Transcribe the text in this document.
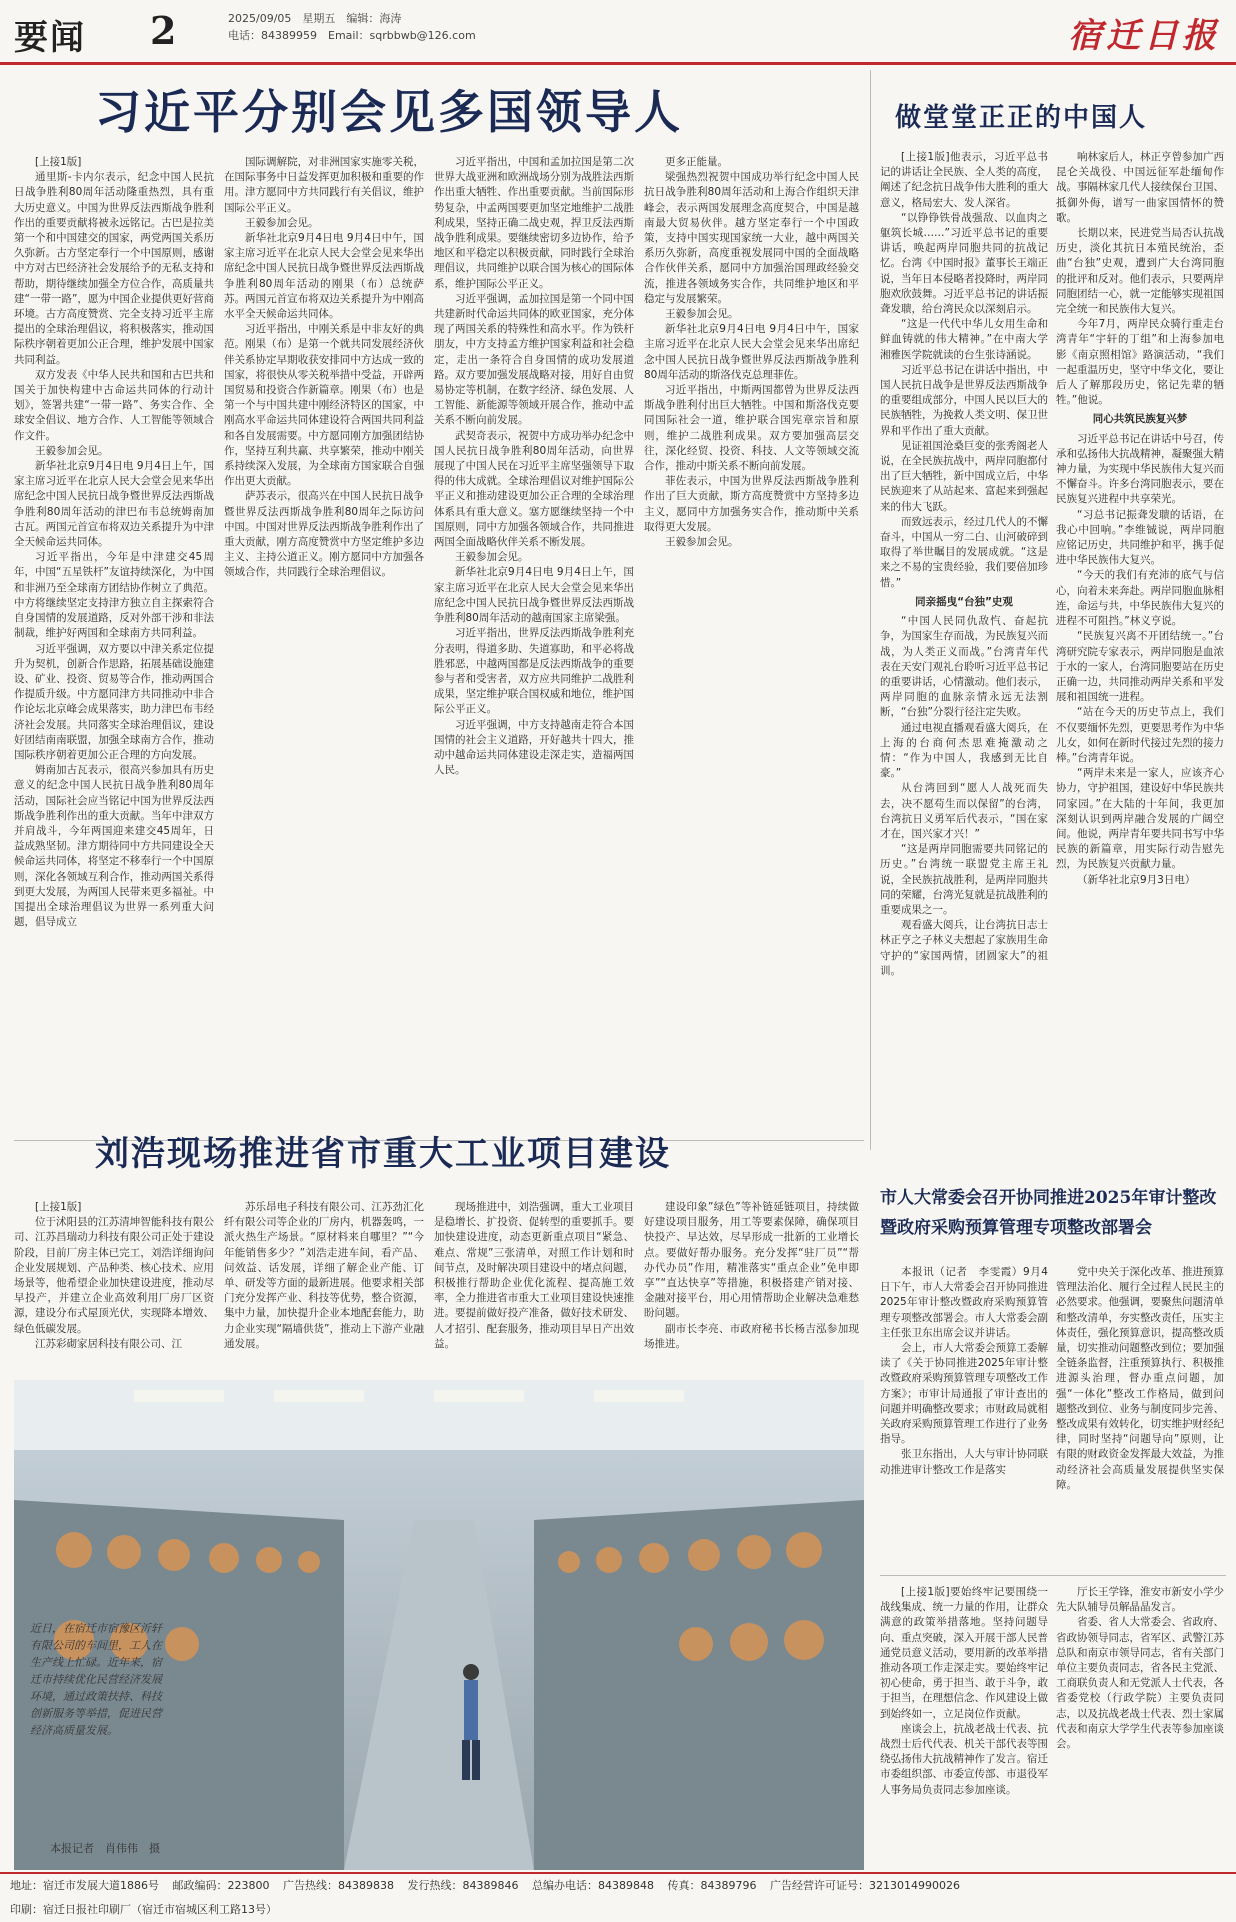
要闻 2	2025/09/05　星期五　编辑：海涛
电话：84389959　Email：sqrbbwb@126.com	宿迁日报
习近平分别会见多国领导人	做堂堂正正的中国人

[上接1版]

通里斯-卡内尔表示，纪念中国人民抗日战争胜利80周年活动隆重热烈，具有重大历史意义。中国为世界反法西斯战争胜利作出的重要贡献将被永远铭记。古巴是拉美第一个和中国建交的国家，两党两国关系历久弥新。古方坚定奉行一个中国原则，感谢中方对古巴经济社会发展给予的无私支持和帮助，期待继续加强全方位合作，高质量共建“一带一路”，愿为中国企业提供更好营商环境。古方高度赞赏、完全支持习近平主席提出的全球治理倡议，将积极落实，推动国际秩序朝着更加公正合理，维护发展中国家共同利益。

双方发表《中华人民共和国和古巴共和国关于加快构建中古命运共同体的行动计划》，签署共建“一带一路”、务实合作、全球安全倡议、地方合作、人工智能等领域合作文件。

王毅参加会见。

新华社北京9月4日电 9月4日上午，国家主席习近平在北京人民大会堂会见来华出席纪念中国人民抗日战争暨世界反法西斯战争胜利80周年活动的津巴布韦总统姆南加古瓦。两国元首宣布将双边关系提升为中津全天候命运共同体。

习近平指出，今年是中津建交45周年，中国“五星铁杆”友谊持续深化，为中国和非洲乃至全球南方团结协作树立了典范。中方将继续坚定支持津方独立自主探索符合自身国情的发展道路，反对外部干涉和非法制裁，维护好两国和全球南方共同利益。

习近平强调，双方要以中津关系定位提升为契机，创新合作思路，拓展基础设施建设、矿业、投资、贸易等合作，推动两国合作提质升级。中方愿同津方共同推动中非合作论坛北京峰会成果落实，助力津巴布韦经济社会发展。共同落实全球治理倡议，建设好团结南南联盟，加强全球南方合作，推动国际秩序朝着更加公正合理的方向发展。

姆南加古瓦表示，很高兴参加具有历史意义的纪念中国人民抗日战争胜利80周年活动，国际社会应当铭记中国为世界反法西斯战争胜利作出的重大贡献。当年中津双方并肩战斗，今年两国迎来建交45周年，日益成熟坚韧。津方期待同中方共同建设全天候命运共同体，将坚定不移奉行一个中国原则，深化各领域互利合作，推动两国关系得到更大发展，为两国人民带来更多福祉。中国提出全球治理倡议为世界一系列重大问题，倡导成立

国际调解院，对非洲国家实施零关税，在国际事务中日益发挥更加积极和重要的作用。津方愿同中方共同践行有关倡议，维护国际公平正义。

王毅参加会见。

新华社北京9月4日电 9月4日中午，国家主席习近平在北京人民大会堂会见来华出席纪念中国人民抗日战争暨世界反法西斯战争胜利80周年活动的刚果（布）总统萨苏。两国元首宣布将双边关系提升为中刚高水平全天候命运共同体。

习近平指出，中刚关系是中非友好的典范。刚果（布）是第一个就共同发展经济伙伴关系协定早期收获安排同中方达成一致的国家，将很快从零关税举措中受益，开辟两国贸易和投资合作新篇章。刚果（布）也是第一个与中国共建中刚经济特区的国家，中刚高水平命运共同体建设符合两国共同利益和各自发展需要。中方愿同刚方加强团结协作，坚持互利共赢、共享繁荣，推动中刚关系持续深入发展，为全球南方国家联合自强作出更大贡献。

萨苏表示，很高兴在中国人民抗日战争暨世界反法西斯战争胜利80周年之际访问中国。中国对世界反法西斯战争胜利作出了重大贡献，刚方高度赞赏中方坚定维护多边主义、主持公道正义。刚方愿同中方加强各领域合作，共同践行全球治理倡议。

习近平指出，中国和孟加拉国是第二次世界大战亚洲和欧洲战场分别为战胜法西斯作出重大牺牲、作出重要贡献。当前国际形势复杂，中孟两国要更加坚定地维护二战胜利成果，坚持正确二战史观，捍卫反法西斯战争胜利成果。要继续密切多边协作，给予地区和平稳定以积极贡献，同时践行全球治理倡议，共同维护以联合国为核心的国际体系，维护国际公平正义。

习近平强调，孟加拉国是第一个同中国共建新时代命运共同体的欧亚国家，充分体现了两国关系的特殊性和高水平。作为铁杆朋友，中方支持孟方维护国家利益和社会稳定，走出一条符合自身国情的成功发展道路。双方要加强发展战略对接，用好自由贸易协定等机制，在数字经济、绿色发展、人工智能、新能源等领域开展合作，推动中孟关系不断向前发展。

武契奇表示，祝贺中方成功举办纪念中国人民抗日战争胜利80周年活动，向世界展现了中国人民在习近平主席坚强领导下取得的伟大成就。全球治理倡议对维护国际公平正义和推动建设更加公正合理的全球治理体系具有重大意义。塞方愿继续坚持一个中国原则，同中方加强各领域合作，共同推进两国全面战略伙伴关系不断发展。

王毅参加会见。

新华社北京9月4日电 9月4日上午，国家主席习近平在北京人民大会堂会见来华出席纪念中国人民抗日战争暨世界反法西斯战争胜利80周年活动的越南国家主席梁强。

习近平指出，世界反法西斯战争胜利充分表明，得道多助、失道寡助，和平必将战胜邪恶，中越两国都是反法西斯战争的重要参与者和受害者，双方应共同维护二战胜利成果，坚定维护联合国权威和地位，维护国际公平正义。

习近平强调，中方支持越南走符合本国国情的社会主义道路，开好越共十四大，推动中越命运共同体建设走深走实，造福两国人民。

更多正能量。

梁强热烈祝贺中国成功举行纪念中国人民抗日战争胜利80周年活动和上海合作组织天津峰会，表示两国发展理念高度契合，中国是越南最大贸易伙伴。越方坚定奉行一个中国政策，支持中国实现国家统一大业，越中两国关系历久弥新，高度重视发展同中国的全面战略合作伙伴关系，愿同中方加强治国理政经验交流，推进各领域务实合作，共同维护地区和平稳定与发展繁荣。

王毅参加会见。

新华社北京9月4日电 9月4日中午，国家主席习近平在北京人民大会堂会见来华出席纪念中国人民抗日战争暨世界反法西斯战争胜利80周年活动的斯洛伐克总理菲佐。

习近平指出，中斯两国都曾为世界反法西斯战争胜利付出巨大牺牲。中国和斯洛伐克要同国际社会一道，维护联合国宪章宗旨和原则，维护二战胜利成果。双方要加强高层交往，深化经贸、投资、科技、人文等领域交流合作，推动中斯关系不断向前发展。

菲佐表示，中国为世界反法西斯战争胜利作出了巨大贡献，斯方高度赞赏中方坚持多边主义，愿同中方加强务实合作，推动斯中关系取得更大发展。

王毅参加会见。

[上接1版]他表示，习近平总书记的讲话让全民族、全人类的高度，阐述了纪念抗日战争伟大胜利的重大意义，格局宏大、发人深省。

“以铮铮铁骨战强敌、以血肉之躯筑长城……”习近平总书记的重要讲话，唤起两岸同胞共同的抗战记忆。台湾《中国时报》董事长王端正说，当年日本侵略者投降时，两岸同胞欢欣鼓舞。习近平总书记的讲话振聋发聩，给台湾民众以深刻启示。

“这是一代代中华儿女用生命和鲜血铸就的伟大精神。”在中南大学湘雅医学院就读的台生张诗涵说。

习近平总书记在讲话中指出，中国人民抗日战争是世界反法西斯战争的重要组成部分，中国人民以巨大的民族牺牲，为挽救人类文明、保卫世界和平作出了重大贡献。

见证祖国沧桑巨变的张秀阁老人说，在全民族抗战中，两岸同胞都付出了巨大牺牲，新中国成立后，中华民族迎来了从站起来、富起来到强起来的伟大飞跃。

而致远表示，经过几代人的不懈奋斗，中国从一穷二白、山河破碎到取得了举世瞩目的发展成就。“这是来之不易的宝贵经验，我们要倍加珍惜。”

同亲摇曳“台独”史观

“中国人民同仇敌忾、奋起抗争，为国家生存而战，为民族复兴而战，为人类正义而战。”台湾青年代表在天安门观礼台聆听习近平总书记的重要讲话，心情激动。他们表示，两岸同胞的血脉亲情永远无法割断，“台独”分裂行径注定失败。

通过电视直播观看盛大阅兵，在上海的台商何杰思难掩激动之情：“作为中国人，我感到无比自豪。”

从台湾回到“愿人人战死而失去，决不愿苟生而以保留”的台湾，台湾抗日义勇军后代表示，“国在家才在，国兴家才兴！”

“这是两岸同胞需要共同铭记的历史。”台湾统一联盟党主席王礼说，全民族抗战胜利，是两岸同胞共同的荣耀，台湾光复就是抗战胜利的重要成果之一。

观看盛大阅兵，让台湾抗日志士林正亨之子林义夫想起了家族用生命守护的“家国两情，团圆家大”的祖训。

响林家后人，林正亨曾参加广西昆仑关战役、中国远征军赴缅甸作战。事隔林家几代人接续保台卫国、抵御外侮，谱写一曲家国情怀的赞歌。

长期以来，民进党当局否认抗战历史，淡化其抗日本殖民统治，歪曲“台独”史观，遭到广大台湾同胞的批评和反对。他们表示，只要两岸同胞团结一心，就一定能够实现祖国完全统一和民族伟大复兴。

今年7月，两岸民众骑行重走台湾青年“宇轩的丁组”和上海参加电影《南京照相馆》路演活动，“我们一起重温历史，坚守中华文化，要让后人了解那段历史，铭记先辈的牺牲。”他说。

同心共筑民族复兴梦

习近平总书记在讲话中号召，传承和弘扬伟大抗战精神，凝聚强大精神力量，为实现中华民族伟大复兴而不懈奋斗。许多台湾同胞表示，要在民族复兴进程中共享荣光。

“习总书记振聋发聩的话语，在我心中回响。”李维铖说，两岸同胞应铭记历史，共同维护和平，携手促进中华民族伟大复兴。

“今天的我们有充沛的底气与信心，向着未来奔赴。两岸同胞血脉相连，命运与共，中华民族伟大复兴的进程不可阻挡。”林义亨说。

“民族复兴离不开团结统一。”台湾研究院专家表示，两岸同胞是血浓于水的一家人，台湾同胞要站在历史正确一边，共同推动两岸关系和平发展和祖国统一进程。

“站在今天的历史节点上，我们不仅要缅怀先烈，更要思考作为中华儿女，如何在新时代接过先烈的接力棒。”台湾青年说。

“两岸未来是一家人，应该齐心协力，守护祖国，建设好中华民族共同家园。”在大陆的十年间，我更加深刻认识到两岸融合发展的广阔空间。他说，两岸青年要共同书写中华民族的新篇章，用实际行动告慰先烈，为民族复兴贡献力量。

（新华社北京9月3日电）

刘浩现场推进省市重大工业项目建设

[上接1版]

位于沭阳县的江苏清坤智能科技有限公司、江苏昌瑞动力科技有限公司正处于建设阶段，目前厂房主体已完工，刘浩详细询问企业发展规划、产品种类、核心技术、应用场景等，他希望企业加快建设进度，推动尽早投产，并建立企业高效利用厂房厂区资源，建设分布式屋顶光伏，实现降本增效、绿色低碳发展。

江苏彩砌家居科技有限公司、江

苏乐昂电子科技有限公司、江苏劲汇化纤有限公司等企业的厂房内，机器轰鸣，一派火热生产场景。“原材料来自哪里？”“今年能销售多少？”刘浩走进车间，看产品、问效益、话发展，详细了解企业产能、订单、研发等方面的最新进展。他要求相关部门充分发挥产业、科技等优势，整合资源，集中力量，加快提升企业本地配套能力，助力企业实现“隔墙供货”，推动上下游产业融通发展。

现场推进中，刘浩强调，重大工业项目是稳增长、扩投资、促转型的重要抓手。要加快建设进度，动态更新重点项目“紧急、难点、常规”三张清单，对照工作计划和时间节点，及时解决项目建设中的堵点问题，积极推行帮助企业优化流程、提高施工效率，全力推进省市重大工业项目建设快速推进。要提前做好投产准备，做好技术研发、人才招引、配套服务，推动项目早日产出效益。

建设印象”绿色”等补链延链项目，持续做好建设项目服务，用工等要素保障，确保项目快投产、早达效，尽早形成一批新的工业增长点。要做好帮办服务。充分发挥“驻厂员”“帮办代办员”作用，精准落实“重点企业”免申即享”“直达快享”等措施，积极搭建产销对接、金融对接平台，用心用情帮助企业解决急难愁盼问题。

副市长李亮、市政府秘书长杨吉泓参加现场推进。

近日，在宿迁市宿豫区沂轩有限公司的车间里，工人在生产线上忙碌。近年来，宿迁市持续优化民营经济发展环境，通过政策扶持、科技创新服务等举措，促进民营经济高质量发展。
本报记者　肖伟伟　摄
市人大常委会召开协同推进2025年审计整改
暨政府采购预算管理专项整改部署会

本报讯（记者　李雯霞）9月4日下午，市人大常委会召开协同推进2025年审计整改暨政府采购预算管理专项整改部署会。市人大常委会副主任张卫东出席会议并讲话。

会上，市人大常委会预算工委解读了《关于协同推进2025年审计整改暨政府采购预算管理专项整改工作方案》；市审计局通报了审计查出的问题并明确整改要求；市财政局就相关政府采购预算管理工作进行了业务指导。

张卫东指出，人大与审计协同联动推进审计整改工作是落实

党中央关于深化改革、推进预算管理法治化、履行全过程人民民主的必然要求。他强调，要聚焦问题清单和整改清单，夯实整改责任，压实主体责任，强化预算意识，提高整改质量，切实推动问题整改到位；要加强全链条监督，注重预算执行、积极推进源头治理，督办重点问题，加强“一体化”整改工作格局，做到问题整改到位、业务与制度同步完善、整改成果有效转化，切实维护财经纪律，同时坚持“问题导向”原则，让有限的财政资金发挥最大效益，为推动经济社会高质量发展提供坚实保障。

[上接1版]要始终牢记要围绕一战线集成、统一力量的作用，让群众满意的政策举措落地。坚持问题导向、重点突破，深入开展干部人民普通党员意义活动，要用新的改革举措推动各项工作走深走实。要始终牢记初心使命，勇于担当、敢于斗争，敢于担当，在理想信念、作风建设上做到始终如一，立足岗位作贡献。

座谈会上，抗战老战士代表、抗战烈士后代代表、机关干部代表等围绕弘扬伟大抗战精神作了发言。宿迁市委组织部、市委宣传部、市退役军人事务局负责同志参加座谈。

厅长王学锋，淮安市新安小学少先大队辅导员解晶晶发言。

省委、省人大常委会、省政府、省政协领导同志，省军区、武警江苏总队和南京市领导同志，省有关部门单位主要负责同志，省各民主党派、工商联负责人和无党派人士代表，各省委党校（行政学院）主要负责同志，以及抗战老战士代表、烈士家属代表和南京大学学生代表等参加座谈会。

地址：宿迁市发展大道1886号 邮政编码：223800 广告热线：84389838 发行热线：84389846 总编办电话：84389848 传真：84389796 广告经营许可证号：3213014990026 印刷：宿迁日报社印刷厂（宿迁市宿城区利工路13号）
